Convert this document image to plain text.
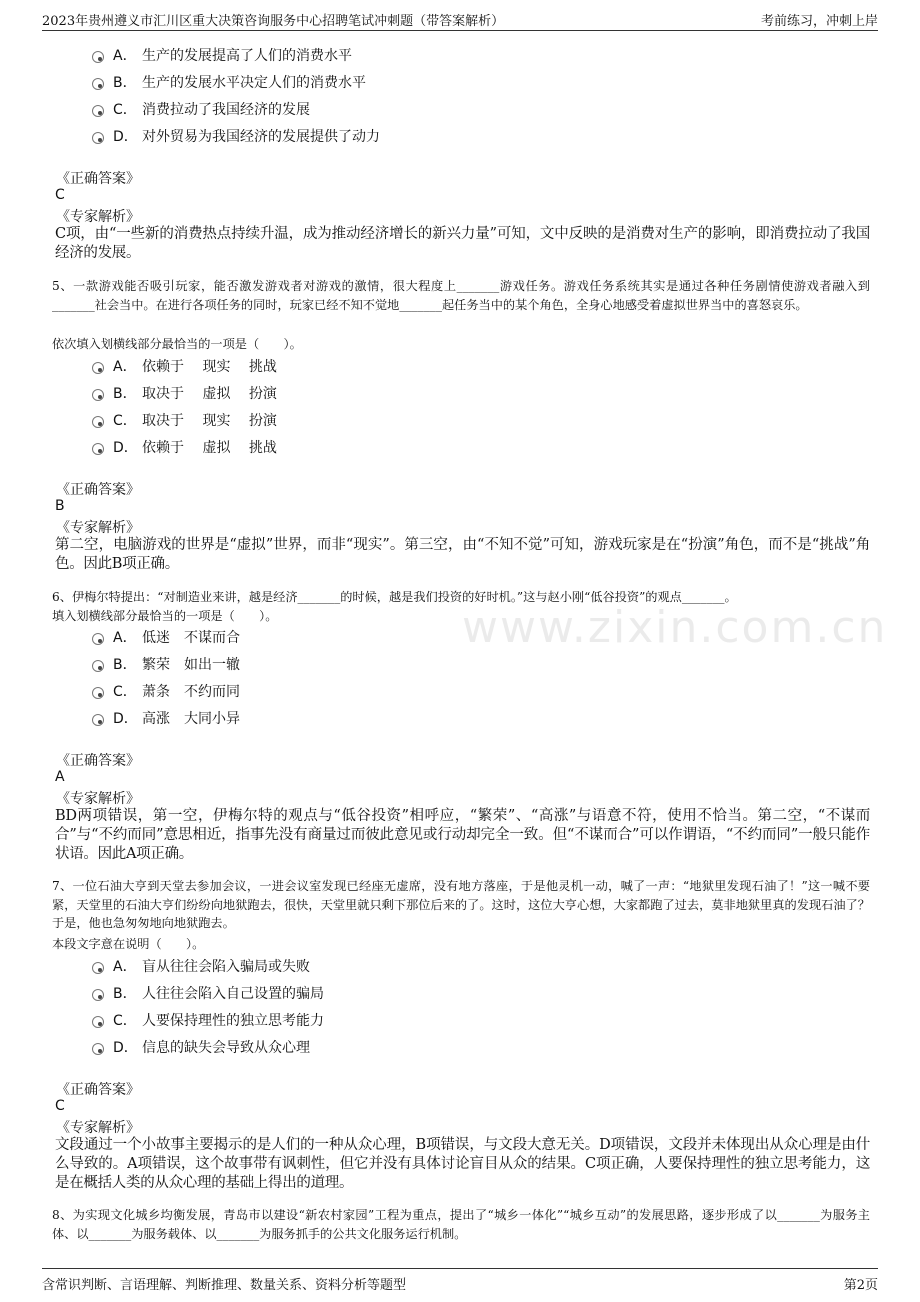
2023年贵州遵义市汇川区重大决策咨询服务中心招聘笔试冲刺题（带答案解析）	考前练习，冲刺上岸
www.zixin.com.cn
A． 生产的发展提高了人们的消费水平
B． 生产的发展水平决定人们的消费水平
C． 消费拉动了我国经济的发展
D． 对外贸易为我国经济的发展提供了动力
《正确答案》
C
《专家解析》
C项，由“一些新的消费热点持续升温，成为推动经济增长的新兴力量”可知，文中反映的是消费对生产的影响，即消费拉动了我国经济的发展。
5、一款游戏能否吸引玩家，能否激发游戏者对游戏的激情，很大程度上_______游戏任务。游戏任务系统其实是通过各种任务剧情使游戏者融入到_______社会当中。在进行各项任务的同时，玩家已经不知不觉地_______起任务当中的某个角色，全身心地感受着虚拟世界当中的喜怒哀乐。
依次填入划横线部分最恰当的一项是（　　）。
A． 依赖于　 现实　 挑战
B． 取决于　 虚拟　 扮演
C． 取决于　 现实　 扮演
D． 依赖于　 虚拟　 挑战
《正确答案》
B
《专家解析》
第二空，电脑游戏的世界是“虚拟”世界，而非“现实”。第三空，由“不知不觉”可知，游戏玩家是在“扮演”角色，而不是“挑战”角色。因此B项正确。
6、伊梅尔特提出：“对制造业来讲，越是经济_______的时候，越是我们投资的好时机。”这与赵小刚“低谷投资”的观点_______。
填入划横线部分最恰当的一项是（　　）。
A． 低迷　不谋而合
B． 繁荣　如出一辙
C． 萧条　不约而同
D． 高涨　大同小异
《正确答案》
A
《专家解析》
BD两项错误，第一空，伊梅尔特的观点与“低谷投资”相呼应，“繁荣”、“高涨”与语意不符，使用不恰当。第二空，“不谋而合”与“不约而同”意思相近，指事先没有商量过而彼此意见或行动却完全一致。但“不谋而合”可以作谓语，“不约而同”一般只能作状语。因此A项正确。
7、一位石油大亨到天堂去参加会议，一进会议室发现已经座无虚席，没有地方落座，于是他灵机一动，喊了一声：“地狱里发现石油了！”这一喊不要紧，天堂里的石油大亨们纷纷向地狱跑去，很快，天堂里就只剩下那位后来的了。这时，这位大亨心想，大家都跑了过去，莫非地狱里真的发现石油了？于是，他也急匆匆地向地狱跑去。
本段文字意在说明（　　）。
A． 盲从往往会陷入骗局或失败
B． 人往往会陷入自己设置的骗局
C． 人要保持理性的独立思考能力
D． 信息的缺失会导致从众心理
《正确答案》
C
《专家解析》
文段通过一个小故事主要揭示的是人们的一种从众心理，B项错误，与文段大意无关。D项错误，文段并未体现出从众心理是由什么导致的。A项错误，这个故事带有讽刺性，但它并没有具体讨论盲目从众的结果。C项正确，人要保持理性的独立思考能力，这是在概括人类的从众心理的基础上得出的道理。
8、为实现文化城乡均衡发展，青岛市以建设“新农村家园”工程为重点，提出了“城乡一体化”“城乡互动”的发展思路，逐步形成了以_______为服务主体、以_______为服务载体、以_______为服务抓手的公共文化服务运行机制。
含常识判断、言语理解、判断推理、数量关系、资料分析等题型	第2页
